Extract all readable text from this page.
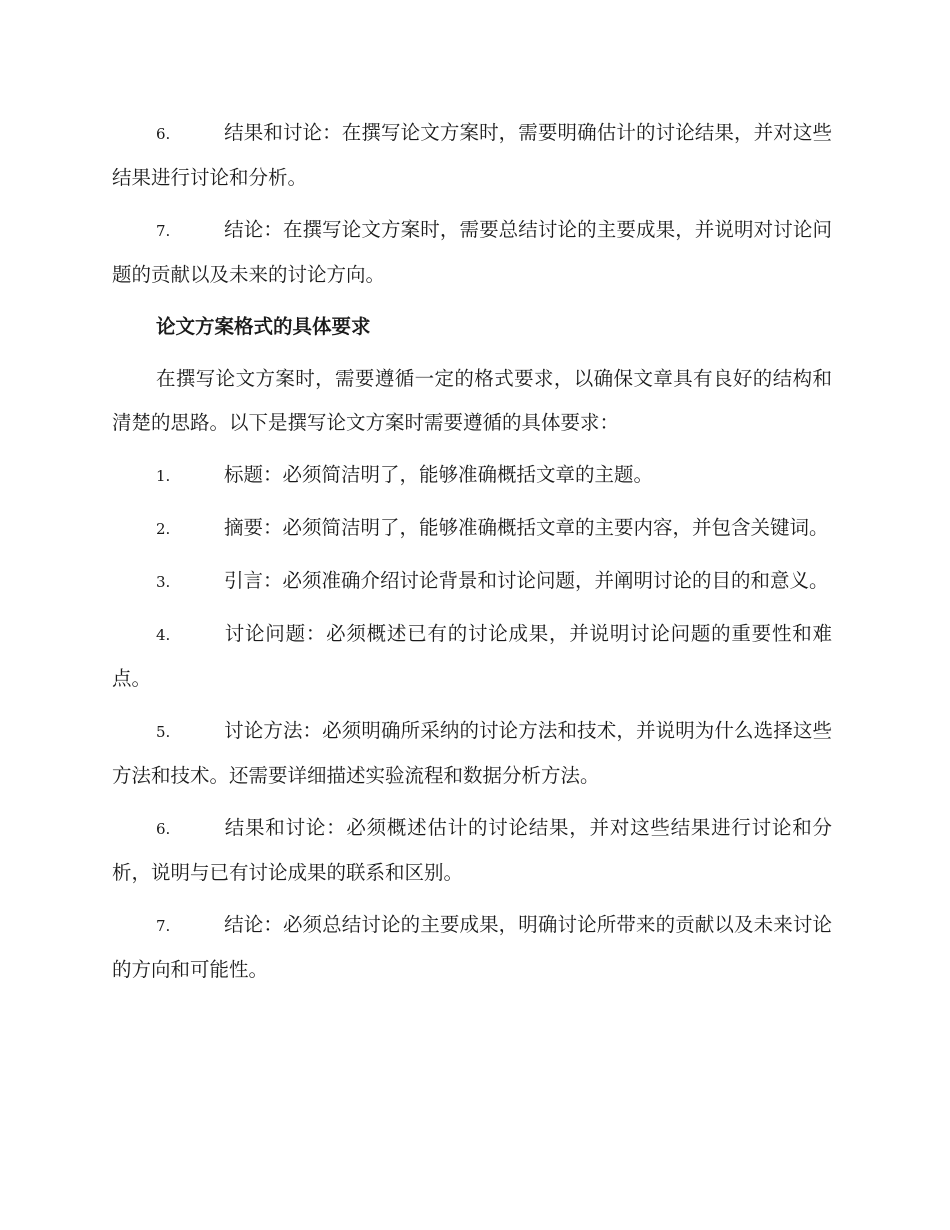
6.	结果和讨论：在撰写论文方案时，需要明确估计的讨论结果，并对这些结果进行讨论和分析。
7.	结论：在撰写论文方案时，需要总结讨论的主要成果，并说明对讨论问题的贡献以及未来的讨论方向。
论文方案格式的具体要求
在撰写论文方案时，需要遵循一定的格式要求，以确保文章具有良好的结构和清楚的思路。以下是撰写论文方案时需要遵循的具体要求：
1.	标题：必须简洁明了，能够准确概括文章的主题。
2.	摘要：必须简洁明了，能够准确概括文章的主要内容，并包含关键词。
3.	引言：必须准确介绍讨论背景和讨论问题，并阐明讨论的目的和意义。
4.	讨论问题：必须概述已有的讨论成果，并说明讨论问题的重要性和难点。
5.	讨论方法：必须明确所采纳的讨论方法和技术，并说明为什么选择这些方法和技术。还需要详细描述实验流程和数据分析方法。
6.	结果和讨论：必须概述估计的讨论结果，并对这些结果进行讨论和分析，说明与已有讨论成果的联系和区别。
7.	结论：必须总结讨论的主要成果，明确讨论所带来的贡献以及未来讨论的方向和可能性。
